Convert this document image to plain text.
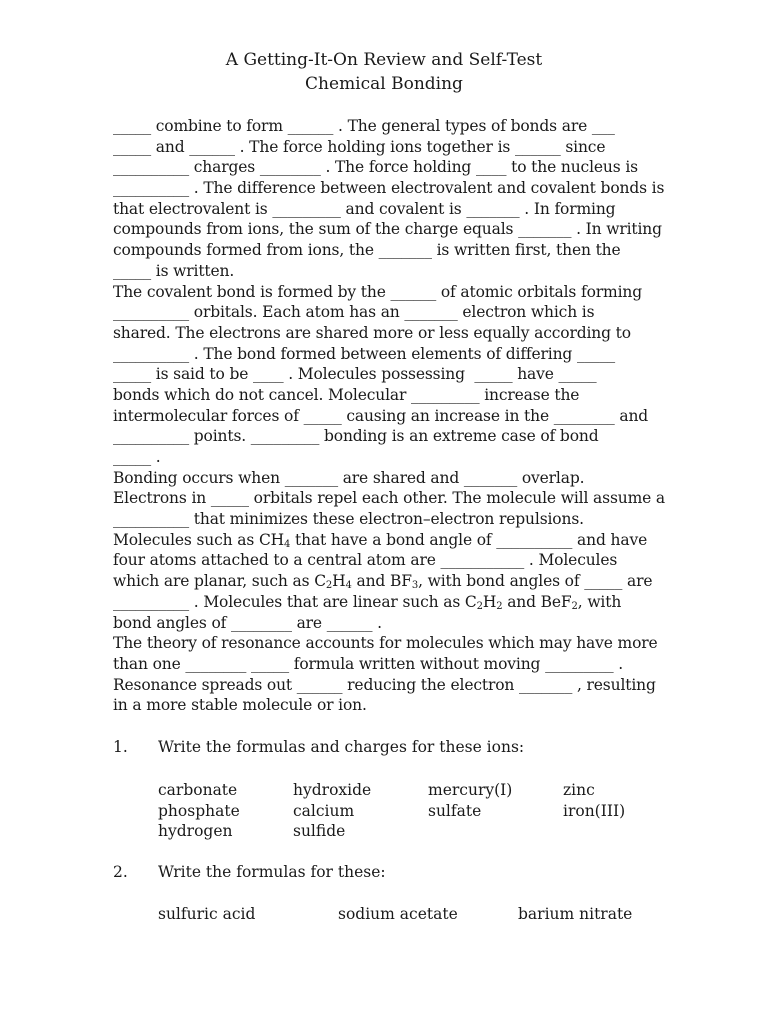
A Getting-It-On Review and Self-Test
Chemical Bonding
_____ combine to form ______ . The general types of bonds are ___
_____ and ______ . The force holding ions together is ______ since
__________ charges ________ . The force holding ____ to the nucleus is
__________ . The difference between electrovalent and covalent bonds is
that electrovalent is _________ and covalent is _______ . In forming
compounds from ions, the sum of the charge equals _______ . In writing
compounds formed from ions, the _______ is written first, then the
_____ is written.
The covalent bond is formed by the ______ of atomic orbitals forming
__________ orbitals. Each atom has an _______ electron which is
shared. The electrons are shared more or less equally according to
__________ . The bond formed between elements of differing _____
_____ is said to be ____ . Molecules possessing  _____ have _____
bonds which do not cancel. Molecular _________ increase the
intermolecular forces of _____ causing an increase in the ________ and
__________ points. _________ bonding is an extreme case of bond
_____ .
Bonding occurs when _______ are shared and _______ overlap.
Electrons in _____ orbitals repel each other. The molecule will assume a
__________ that minimizes these electron–electron repulsions.
Molecules such as $CH_4$ that have a bond angle of __________ and have
four atoms attached to a central atom are ___________ . Molecules
which are planar, such as $C_2H_4$ and $BF_3$, with bond angles of _____ are
__________ . Molecules that are linear such as $C_2H_2$ and BeF$_2$, with
bond angles of ________ are ______ .
The theory of resonance accounts for molecules which may have more
than one ________ _____ formula written without moving _________ .
Resonance spreads out ______ reducing the electron _______ , resulting
in a more stable molecule or ion.
1. Write the formulas and charges for these ions:
carbonate	hydroxide	mercury(I)	zinc
phosphate	calcium	sulfate	iron(III)
hydrogen	sulfide
2. Write the formulas for these:
sulfuric acid	sodium acetate	barium nitrate
